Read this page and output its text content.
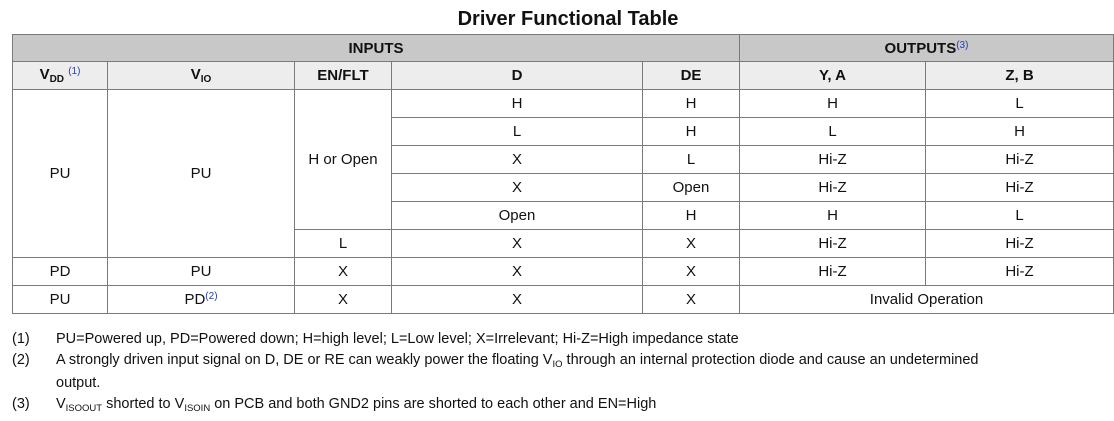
Driver Functional Table
INPUTS					OUTPUTS$^{(3)}$
$V_{DD}$ $^{(1)}$	$V_{IO}$	EN/FLT	D	DE	Y, A	Z, B
PU	PU	H or Open	H	H	H	L
			L	H	L	H
			X	L	Hi-Z	Hi-Z
			X	Open	Hi-Z	Hi-Z
			Open	H	H	L
		L	X	X	Hi-Z	Hi-Z
PD	PU	X	X	X	Hi-Z	Hi-Z
PU	PD$^{(2)}$	X	X	X	Invalid Operation	
(1)	PU=Powered up, PD=Powered down; H=high level; L=Low level; X=Irrelevant; Hi-Z=High impedance state
(2)	A strongly driven input signal on D, DE or RE can weakly power the floating $V_{IO}$ through an internal protection diode and cause an undetermined output.
(3)	$V_{ISOOUT}$ shorted to $V_{ISOIN}$ on PCB and both GND2 pins are shorted to each other and EN=High
